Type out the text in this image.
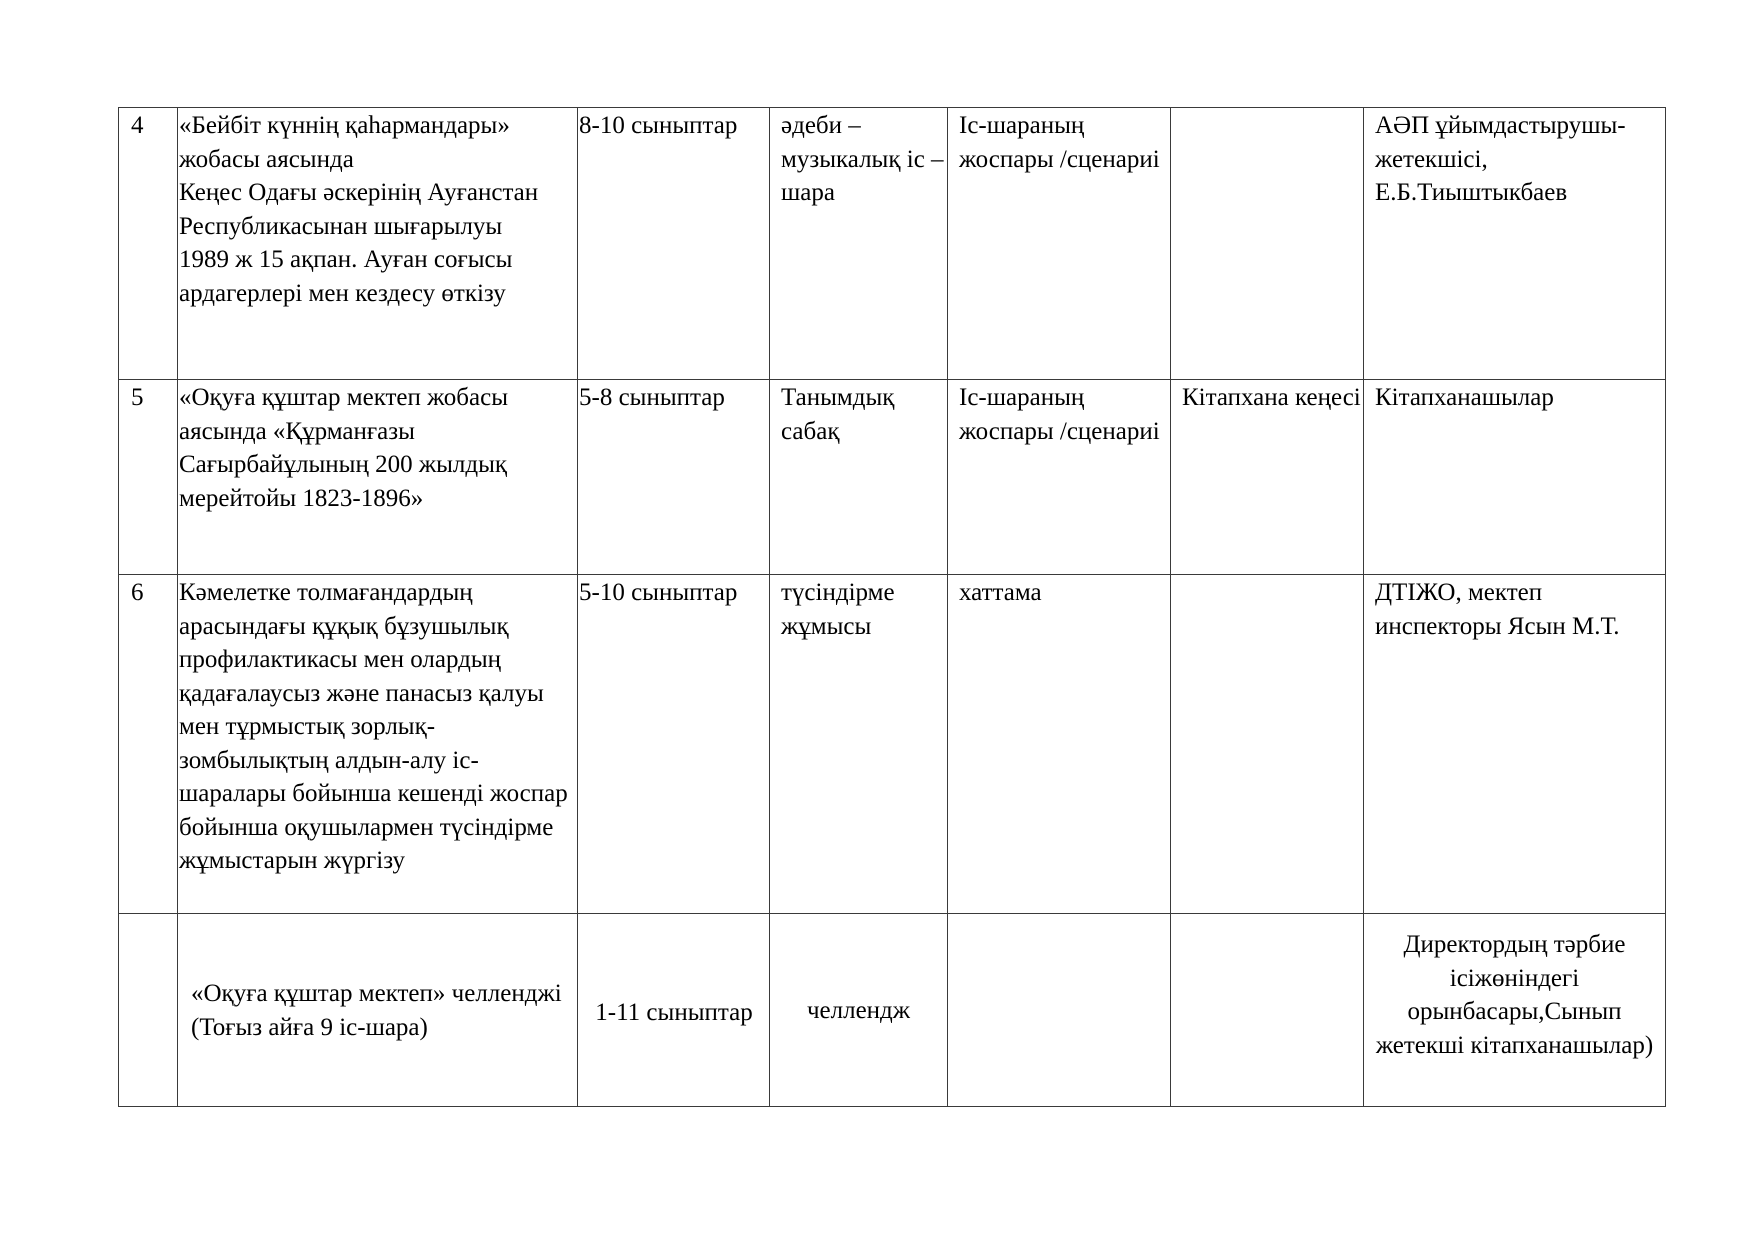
4	«Бейбіт күннің қаһармандары» жобасы аясында
Кеңес Одағы әскерінің Ауғанстан Республикасынан шығарылуы
1989 ж 15 ақпан. Ауған соғысы ардагерлері мен кездесу өткізу	8-10 сыныптар	әдеби – музыкалық іс – шара	Іс-шараның жоспары /сценариі		АӘП ұйымдастырушы-жетекшісі, Е.Б.Тиыштыкбаев

5	«Оқуға құштар мектеп жобасы аясында «Құрманғазы Сағырбайұлының 200 жылдық мерейтойы 1823-1896»	5-8 сыныптар	Танымдық сабақ	Іс-шараның жоспары /сценариі	Кітапхана кеңесі	Кітапханашылар

6	Кәмелетке толмағандардың арасындағы құқық бұзушылық профилактикасы мен олардың қадағалаусыз және панасыз қалуы мен тұрмыстық зорлық-зомбылықтың алдын-алу іс-шаралары бойынша кешенді жоспар бойынша оқушылармен түсіндірме жұмыстарын жүргізу	5-10 сыныптар	түсіндірме жұмысы	хаттама		ДТІЖО, мектеп инспекторы Ясын М.Т.

	«Оқуға құштар мектеп» челленджі
(Тоғыз айға 9 іс-шара)	1-11 сыныптар	челлендж			Директордың тәрбие ісіжөніндегі орынбасары,Сынып жетекші кітапханашылар)
